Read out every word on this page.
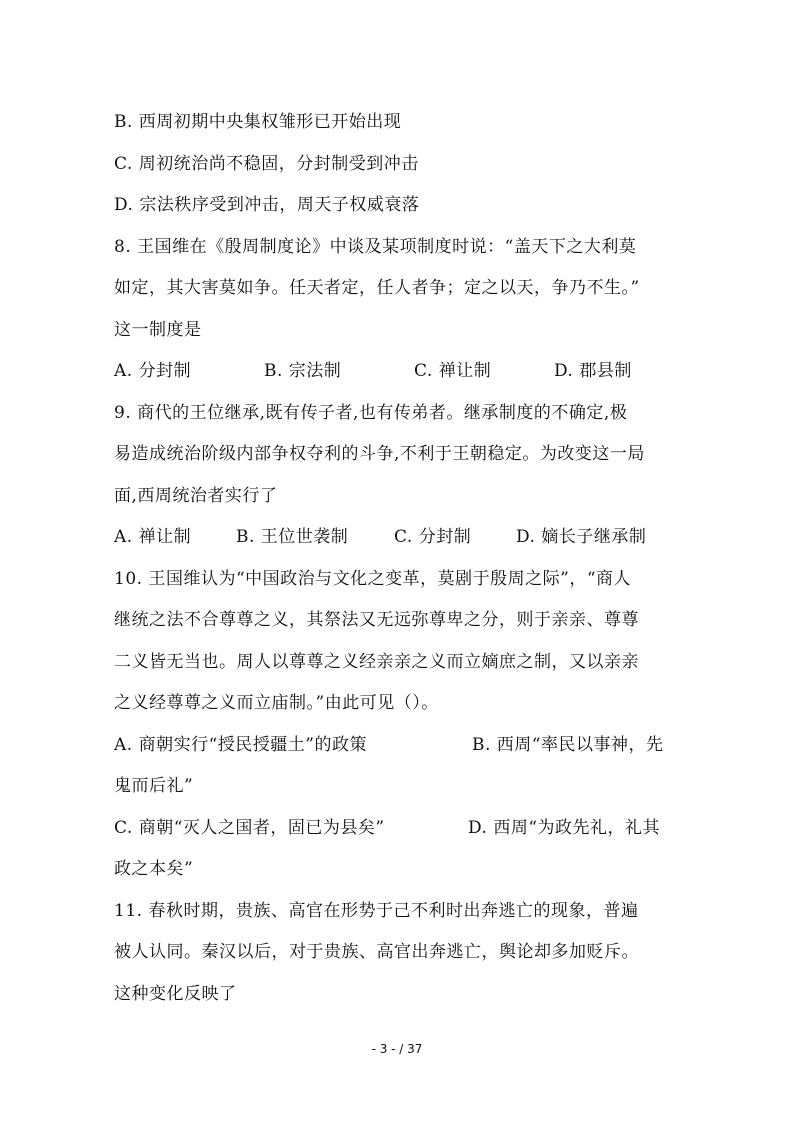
B. 西周初期中央集权雏形已开始出现
C. 周初统治尚不稳固，分封制受到冲击
D. 宗法秩序受到冲击，周天子权威衰落
8. 王国维在《殷周制度论》中谈及某项制度时说：“盖天下之大利莫
如定，其大害莫如争。任天者定，任人者争；定之以天，争乃不生。”
这一制度是
A. 分封制	B. 宗法制	C. 禅让制	D. 郡县制
9. 商代的王位继承,既有传子者,也有传弟者。继承制度的不确定,极
易造成统治阶级内部争权夺利的斗争,不利于王朝稳定。为改变这一局
面,西周统治者实行了
A. 禅让制	B. 王位世袭制	C. 分封制	D. 嫡长子继承制
10. 王国维认为“中国政治与文化之变革，莫剧于殷周之际”，“商人
继统之法不合尊尊之义，其祭法又无远弥尊卑之分，则于亲亲、尊尊
二义皆无当也。周人以尊尊之义经亲亲之义而立嫡庶之制，又以亲亲
之义经尊尊之义而立庙制。”由此可见（）。
A. 商朝实行“授民授疆土”的政策	B. 西周“率民以事神，先
鬼而后礼”
C. 商朝“灭人之国者，固已为县矣”	D. 西周“为政先礼，礼其
政之本矣”
11. 春秋时期，贵族、高官在形势于己不利时出奔逃亡的现象，普遍
被人认同。秦汉以后，对于贵族、高官出奔逃亡，舆论却多加贬斥。
这种变化反映了
- 3 - / 37
